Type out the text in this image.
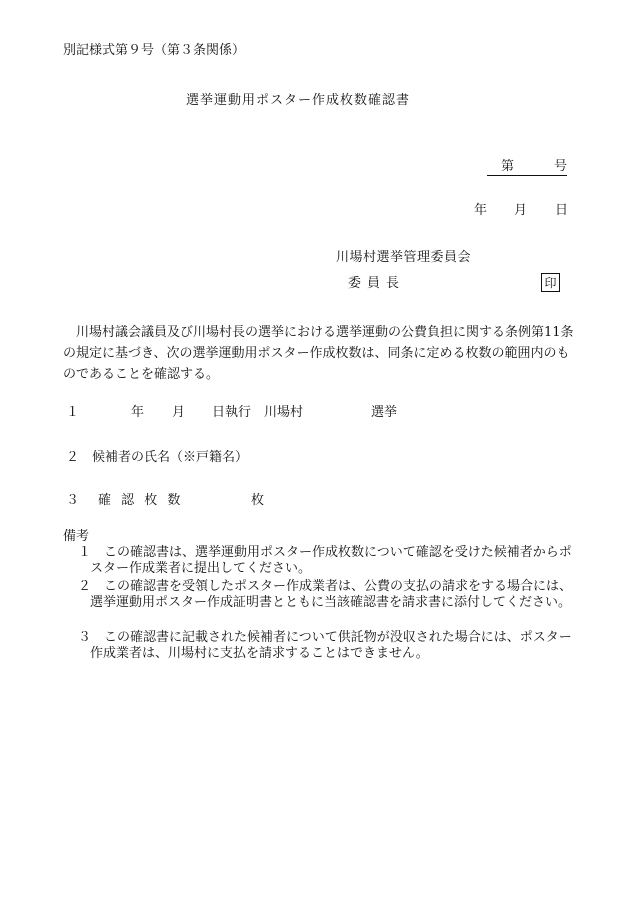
別記様式第９号（第３条関係）
選挙運動用ポスター作成枚数確認書
第	号
年 月 日
川場村選挙管理委員会
委員長	印
川場村議会議員及び川場村長の選挙における選挙運動の公費負担に関する条例第11条の規定に基づき、次の選挙運動用ポスター作成枚数は、同条に定める枚数の範囲内のものであることを確認する。
１	年 月 日執行　川場村	選挙
２　候補者の氏名（※戸籍名）
３　確 認 枚 数	枚
備考
１　この確認書は、選挙運動用ポスター作成枚数について確認を受けた候補者からポスター作成業者に提出してください。
２　この確認書を受領したポスター作成業者は、公費の支払の請求をする場合には、選挙運動用ポスター作成証明書とともに当該確認書を請求書に添付してください。
３　この確認書に記載された候補者について供託物が没収された場合には、ポスター作成業者は、川場村に支払を請求することはできません。
